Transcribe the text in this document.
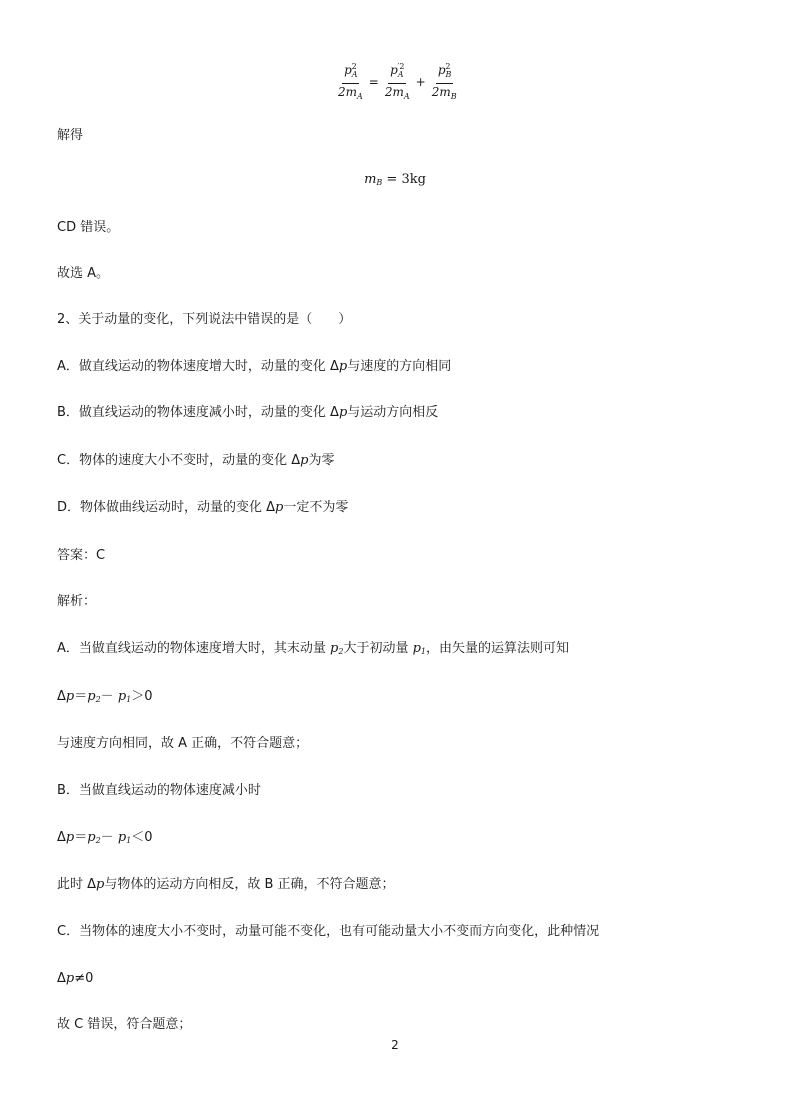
$\frac{p_A^2}{2m_A} = \frac{p_A^{'2}}{2m_A} + \frac{p_B^2}{2m_B}$
解得
$m_B = 3kg$
CD 错误。
故选 A。
2、关于动量的变化，下列说法中错误的是（　　）
A．做直线运动的物体速度增大时，动量的变化 Δp与速度的方向相同
B．做直线运动的物体速度减小时，动量的变化 Δp与运动方向相反
C．物体的速度大小不变时，动量的变化 Δp为零
D．物体做曲线运动时，动量的变化 Δp一定不为零
答案：C
解析：
A．当做直线运动的物体速度增大时，其末动量 $p_2$大于初动量 $p_1$，由矢量的运算法则可知
$\Delta p=p_2- p_1>0$
与速度方向相同，故 A 正确，不符合题意；
B．当做直线运动的物体速度减小时
$\Delta p=p_2- p_1<0$
此时 Δp与物体的运动方向相反，故 B 正确，不符合题意；
C．当物体的速度大小不变时，动量可能不变化，也有可能动量大小不变而方向变化，此种情况
Δp≠0
故 C 错误，符合题意；
2
